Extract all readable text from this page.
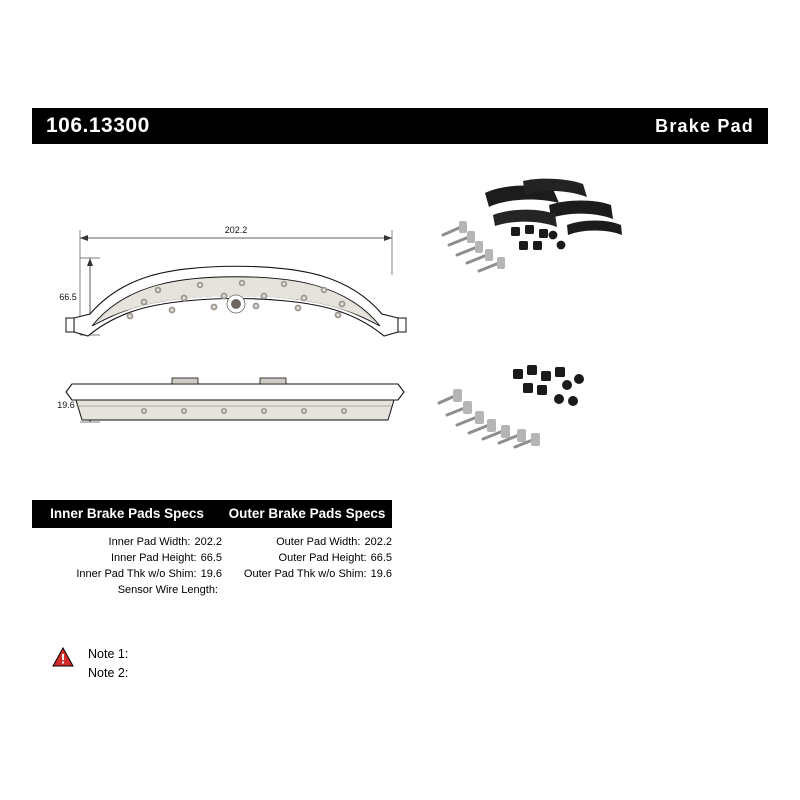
106.13300	Brake Pad
202.2
66.5
19.6
Inner Brake Pads Specs
Inner Pad Width: 202.2
Inner Pad Height: 66.5
Inner Pad Thk w/o Shim: 19.6
Sensor Wire Length:
Outer Brake Pads Specs
Outer Pad Width: 202.2
Outer Pad Height: 66.5
Outer Pad Thk w/o Shim: 19.6
Note 1:
Note 2:
